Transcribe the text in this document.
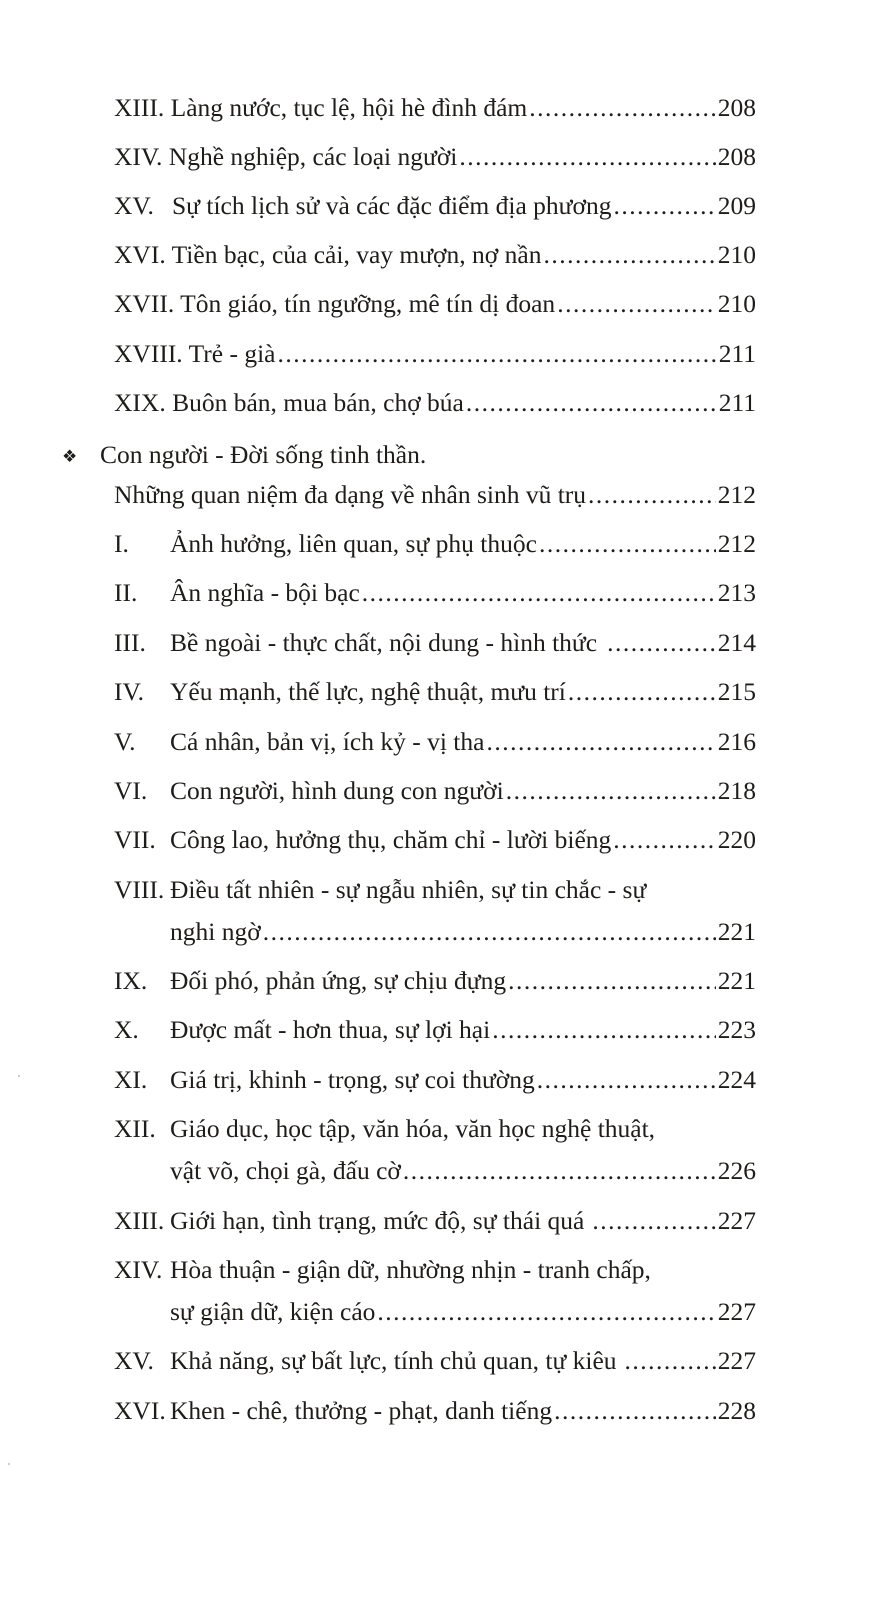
XIII. Làng nước, tục lệ, hội hè đình đám .....	208
XIV. Nghề nghiệp, các loại người .....	208
XV. Sự tích lịch sử và các đặc điểm địa phương .....	209
XVI. Tiền bạc, của cải, vay mượn, nợ nần .....	210
XVII. Tôn giáo, tín ngưỡng, mê tín dị đoan .....	210
XVIII. Trẻ - già .....	211
XIX. Buôn bán, mua bán, chợ búa .....	211
❖ Con người - Đời sống tinh thần.
Những quan niệm đa dạng về nhân sinh vũ trụ .....	212
I. Ảnh hưởng, liên quan, sự phụ thuộc .....	212
II. Ân nghĩa - bội bạc .....	213
III. Bề ngoài - thực chất, nội dung - hình thức .....	214
IV. Yếu mạnh, thế lực, nghệ thuật, mưu trí .....	215
V. Cá nhân, bản vị, ích kỷ - vị tha .....	216
VI. Con người, hình dung con người .....	218
VII. Công lao, hưởng thụ, chăm chỉ - lười biếng .....	220
VIII. Điều tất nhiên - sự ngẫu nhiên, sự tin chắc - sự
nghi ngờ .....	221
IX. Đối phó, phản ứng, sự chịu đựng .....	221
X. Được mất - hơn thua, sự lợi hại .....	223
XI. Giá trị, khinh - trọng, sự coi thường .....	224
XII. Giáo dục, học tập, văn hóa, văn học nghệ thuật,
vật võ, chọi gà, đấu cờ .....	226
XIII. Giới hạn, tình trạng, mức độ, sự thái quá .....	227
XIV. Hòa thuận - giận dữ, nhường nhịn - tranh chấp,
sự giận dữ, kiện cáo .....	227
XV. Khả năng, sự bất lực, tính chủ quan, tự kiêu .....	227
XVI. Khen - chê, thưởng - phạt, danh tiếng .....	228
